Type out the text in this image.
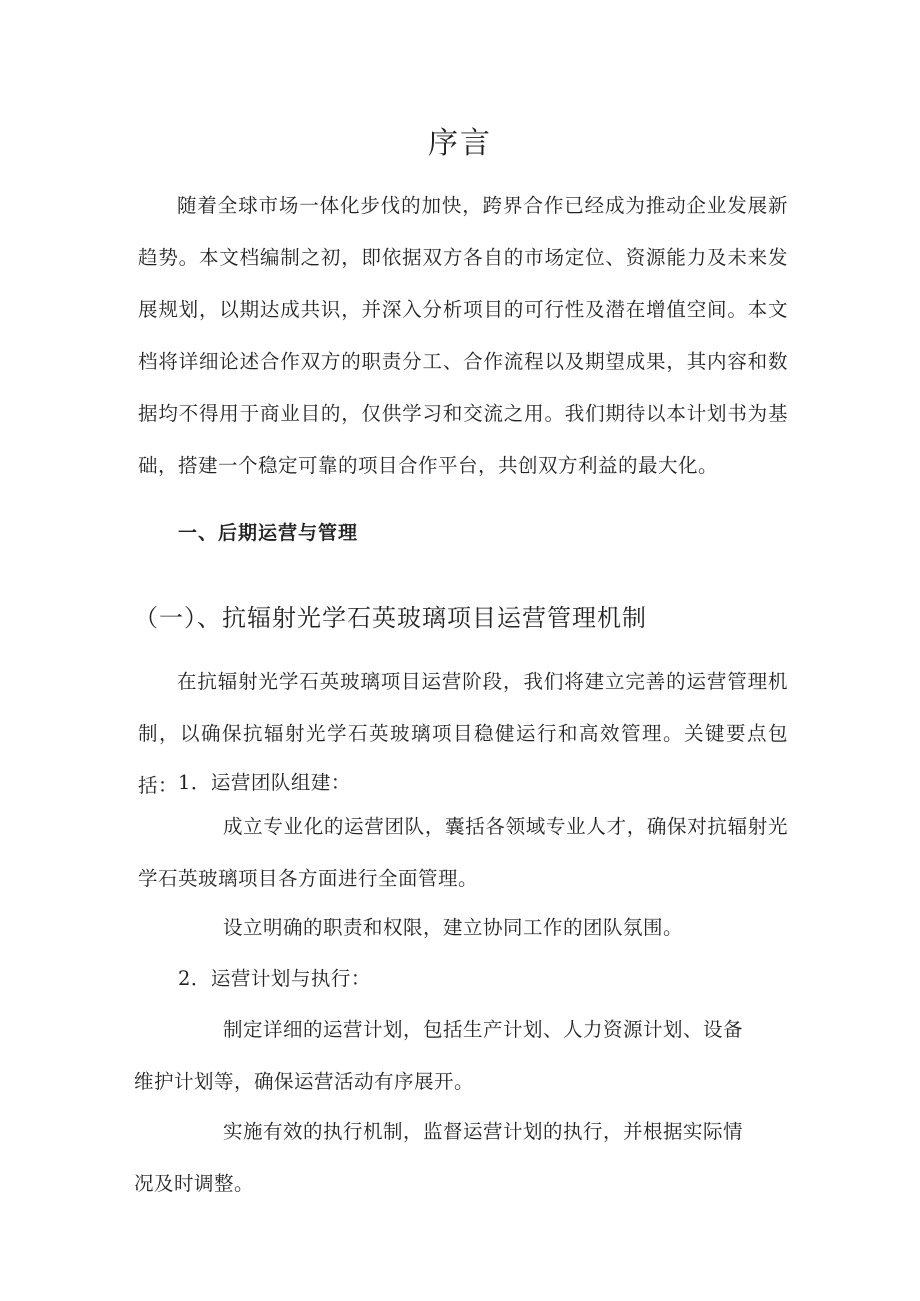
序言
随着全球市场一体化步伐的加快，跨界合作已经成为推动企业发展新趋势。本文档编制之初，即依据双方各自的市场定位、资源能力及未来发展规划，以期达成共识，并深入分析项目的可行性及潜在增值空间。本文档将详细论述合作双方的职责分工、合作流程以及期望成果，其内容和数据均不得用于商业目的，仅供学习和交流之用。我们期待以本计划书为基础，搭建一个稳定可靠的项目合作平台，共创双方利益的最大化。
一、后期运营与管理
（一）、抗辐射光学石英玻璃项目运营管理机制
在抗辐射光学石英玻璃项目运营阶段，我们将建立完善的运营管理机制，以确保抗辐射光学石英玻璃项目稳健运行和高效管理。关键要点包括： 1．运营团队组建：
成立专业化的运营团队，囊括各领域专业人才，确保对抗辐射光学石英玻璃项目各方面进行全面管理。
设立明确的职责和权限，建立协同工作的团队氛围。
2．运营计划与执行：
制定详细的运营计划，包括生产计划、人力资源计划、设备
维护计划等，确保运营活动有序展开。
实施有效的执行机制，监督运营计划的执行，并根据实际情
况及时调整。
